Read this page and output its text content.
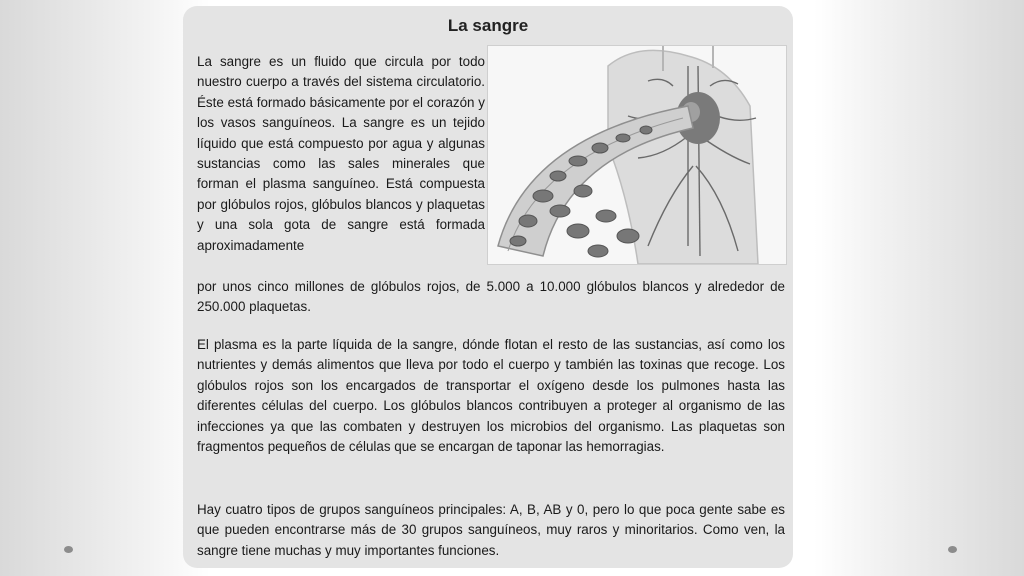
La sangre
La sangre es un fluido que circula por todo nuestro cuerpo a través del sistema circulatorio. Éste está formado básicamente por el corazón y los vasos sanguíneos. La sangre es un tejido líquido que está compuesto por agua y algunas sustancias como las sales minerales que forman el plasma sanguíneo. Está compuesta por glóbulos rojos, glóbulos blancos y plaquetas y una sola gota de sangre está formada aproximadamente
por unos cinco millones de glóbulos rojos, de 5.000 a 10.000 glóbulos blancos y alrededor de 250.000 plaquetas.
El plasma es la parte líquida de la sangre, dónde flotan el resto de las sustancias, así como los nutrientes y demás alimentos que lleva por todo el cuerpo y también las toxinas que recoge. Los glóbulos rojos son los encargados de transportar el oxígeno desde los pulmones hasta las diferentes células del cuerpo. Los glóbulos blancos contribuyen a proteger al organismo de las infecciones ya que las combaten y destruyen los microbios del organismo. Las plaquetas son fragmentos pequeños de células que se encargan de taponar las hemorragias.
Hay cuatro tipos de grupos sanguíneos principales: A, B, AB y 0, pero lo que poca gente sabe es que pueden encontrarse más de 30 grupos sanguíneos, muy raros y minoritarios. Como ven, la sangre tiene muchas y muy importantes funciones.
